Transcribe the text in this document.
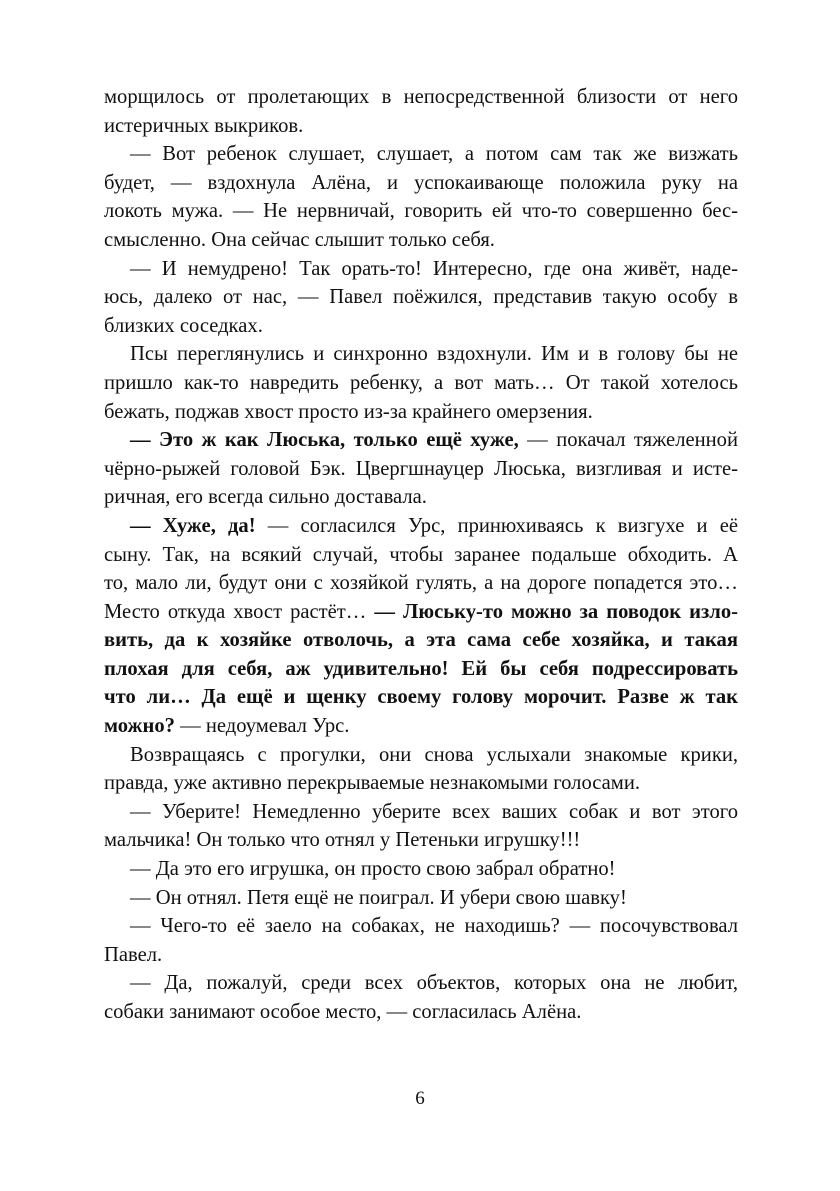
морщилось от пролетающих в непосредственной близости от него
истеричных выкриков.
— Вот ребенок слушает, слушает, а потом сам так же визжать
будет, — вздохнула Алёна, и успокаивающе положила руку на
локоть мужа. — Не нервничай, говорить ей что-то совершенно бес-
смысленно. Она сейчас слышит только себя.
— И немудрено! Так орать-то! Интересно, где она живёт, наде-
юсь, далеко от нас, — Павел поёжился, представив такую особу в
близких соседках.
Псы переглянулись и синхронно вздохнули. Им и в голову бы не
пришло как-то навредить ребенку, а вот мать… От такой хотелось
бежать, поджав хвост просто из-за крайнего омерзения.
— Это ж как Люська, только ещё хуже, — покачал тяжеленной
чёрно-рыжей головой Бэк. Цвергшнауцер Люська, визгливая и исте-
ричная, его всегда сильно доставала.
— Хуже, да! — согласился Урс, принюхиваясь к визгухе и её
сыну. Так, на всякий случай, чтобы заранее подальше обходить. А
то, мало ли, будут они с хозяйкой гулять, а на дороге попадется это…
Место откуда хвост растёт… — Люську-то можно за поводок изло-
вить, да к хозяйке отволочь, а эта сама себе хозяйка, и такая
плохая для себя, аж удивительно! Ей бы себя подрессировать
что ли… Да ещё и щенку своему голову морочит. Разве ж так
можно? — недоумевал Урс.
Возвращаясь с прогулки, они снова услыхали знакомые крики,
правда, уже активно перекрываемые незнакомыми голосами.
— Уберите! Немедленно уберите всех ваших собак и вот этого
мальчика! Он только что отнял у Петеньки игрушку!!!
— Да это его игрушка, он просто свою забрал обратно!
— Он отнял. Петя ещё не поиграл. И убери свою шавку!
— Чего-то её заело на собаках, не находишь? — посочувствовал
Павел.
— Да, пожалуй, среди всех объектов, которых она не любит,
собаки занимают особое место, — согласилась Алёна.
6
